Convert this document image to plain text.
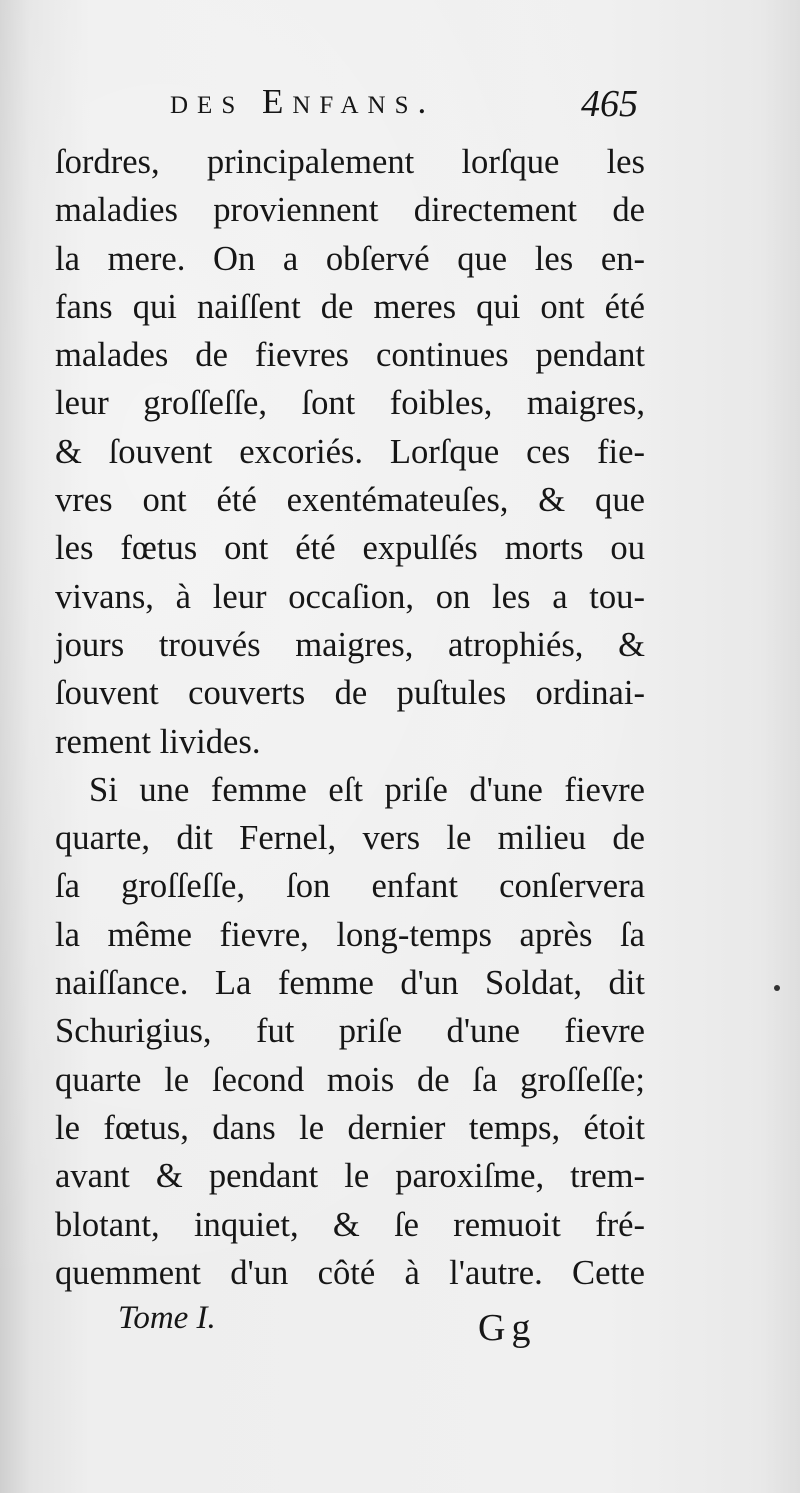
des Enfans.	465
ſordres, principalement lorſque les
maladies proviennent directement de
la mere. On a obſervé que les en-
fans qui naiſſent de meres qui ont été
malades de fievres continues pendant
leur groſſeſſe, ſont foibles, maigres,
& ſouvent excoriés. Lorſque ces fie-
vres ont été exentémateuſes, & que
les fœtus ont été expulſés morts ou
vivans, à leur occaſion, on les a tou-
jours trouvés maigres, atrophiés, &
ſouvent couverts de puſtules ordinai-
rement livides.
Si une femme eſt priſe d'une fievre
quarte, dit Fernel, vers le milieu de
ſa groſſeſſe, ſon enfant conſervera
la même fievre, long-temps après ſa
naiſſance. La femme d'un Soldat, dit
Schurigius, fut priſe d'une fievre
quarte le ſecond mois de ſa groſſeſſe;
le fœtus, dans le dernier temps, étoit
avant & pendant le paroxiſme, trem-
blotant, inquiet, & ſe remuoit fré-
quemment d'un côté à l'autre. Cette
Tome I.	Gg
